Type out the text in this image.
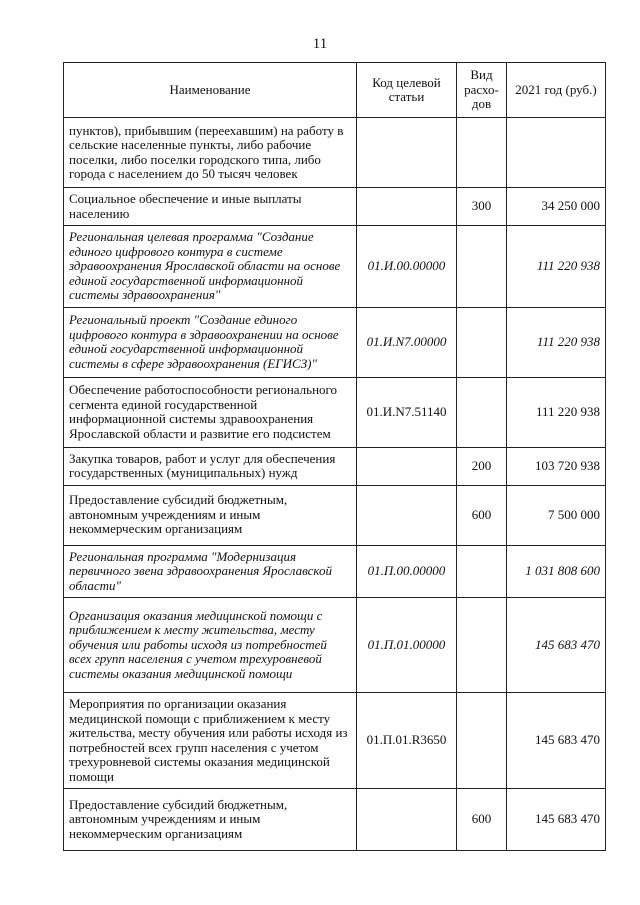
11
Наименование	Код целевой статьи	Вид расхо-дов	2021 год (руб.)
пунктов), прибывшим (переехавшим) на работу в сельские населенные пункты, либо рабочие поселки, либо поселки городского типа, либо города с населением до 50 тысяч человек			
Социальное обеспечение и иные выплаты населению		300	34 250 000
Региональная целевая программа "Создание единого цифрового контура в системе здравоохранения Ярославской области на основе единой государственной информационной системы здравоохранения"	01.И.00.00000		111 220 938
Региональный проект "Создание единого цифрового контура в здравоохранении на основе единой государственной информационной системы в сфере здравоохранения (ЕГИСЗ)"	01.И.N7.00000		111 220 938
Обеспечение работоспособности регионального сегмента единой государственной информационной системы здравоохранения Ярославской области и развитие его подсистем	01.И.N7.51140		111 220 938
Закупка товаров, работ и услуг для обеспечения государственных (муниципальных) нужд		200	103 720 938
Предоставление субсидий бюджетным, автономным учреждениям и иным некоммерческим организациям		600	7 500 000
Региональная программа "Модернизация первичного звена здравоохранения Ярославской области"	01.П.00.00000		1 031 808 600
Организация оказания медицинской помощи с приближением к месту жительства, месту обучения или работы исходя из потребностей всех групп населения с учетом трехуровневой системы оказания медицинской помощи	01.П.01.00000		145 683 470
Мероприятия по организации оказания медицинской помощи с приближением к месту жительства, месту обучения или работы исходя из потребностей всех групп населения с учетом трехуровневой системы оказания медицинской помощи	01.П.01.R3650		145 683 470
Предоставление субсидий бюджетным, автономным учреждениям и иным некоммерческим организациям		600	145 683 470
